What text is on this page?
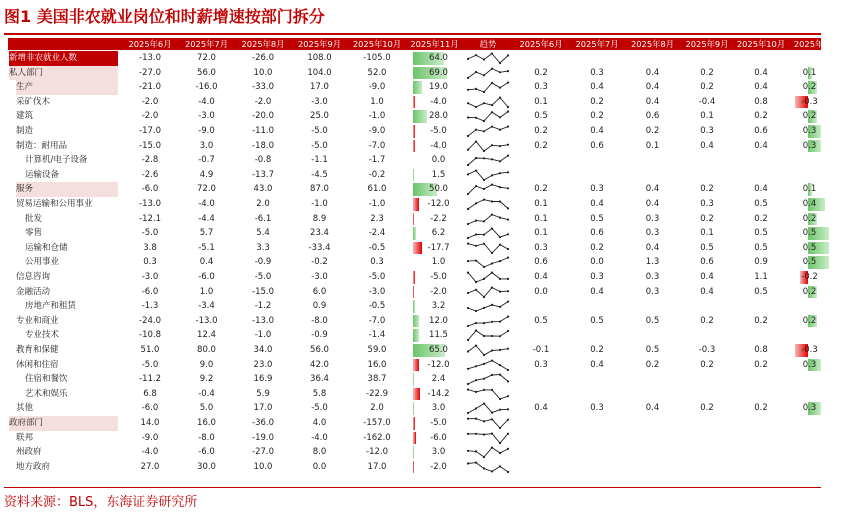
图1 美国非农就业岗位和时薪增速按部门拆分
2025年6月	2025年7月	2025年8月	2025年9月	2025年10月	2025年11月	趋势	2025年6月	2025年7月	2025年8月	2025年9月	2025年10月	2025年11月
新增非农就业人数	-13.0	72.0	-26.0	108.0	-105.0	64.0
私人部门	-27.0	56.0	10.0	104.0	52.0	69.0	0.2	0.3	0.4	0.2	0.4	0.1
生产	-21.0	-16.0	-33.0	17.0	-9.0	19.0	0.3	0.4	0.4	0.2	0.4	0.2
采矿伐木	-2.0	-4.0	-2.0	-3.0	1.0	-4.0	0.1	0.2	0.4	-0.4	0.8	-0.3
建筑	-2.0	-3.0	-20.0	25.0	-1.0	28.0	0.5	0.2	0.6	0.1	0.2	0.2
制造	-17.0	-9.0	-11.0	-5.0	-9.0	-5.0	0.2	0.4	0.2	0.3	0.6	0.3
制造：耐用品	-15.0	3.0	-18.0	-5.0	-7.0	-4.0	0.2	0.6	0.1	0.4	0.4	0.3
计算机/电子设备	-2.8	-0.7	-0.8	-1.1	-1.7	0.0
运输设备	-2.6	4.9	-13.7	-4.5	-0.2	1.5
服务	-6.0	72.0	43.0	87.0	61.0	50.0	0.2	0.3	0.4	0.2	0.4	0.1
贸易运输和公用事业	-13.0	-4.0	2.0	-1.0	-1.0	-12.0	0.1	0.4	0.4	0.3	0.5	0.4
批发	-12.1	-4.4	-6.1	8.9	2.3	-2.2	0.1	0.5	0.3	0.2	0.2	0.2
零售	-5.0	5.7	5.4	23.4	-2.4	6.2	0.1	0.6	0.3	0.1	0.5	0.5
运输和仓储	3.8	-5.1	3.3	-33.4	-0.5	-17.7	0.3	0.2	0.4	0.5	0.5	0.5
公用事业	0.3	0.4	-0.9	-0.2	0.3	1.0	0.6	0.0	1.3	0.6	0.9	0.5
信息咨询	-3.0	-6.0	-5.0	-3.0	-5.0	-5.0	0.4	0.3	0.3	0.4	1.1	-0.2
金融活动	-6.0	1.0	-15.0	6.0	-3.0	-2.0	0.0	0.4	0.3	0.4	0.5	0.2
房地产和租赁	-1.3	-3.4	-1.2	0.9	-0.5	3.2
专业和商业	-24.0	-13.0	-13.0	-8.0	-7.0	12.0	0.5	0.5	0.5	0.2	0.2	0.2
专业技术	-10.8	12.4	-1.0	-0.9	-1.4	11.5
教育和保健	51.0	80.0	34.0	56.0	59.0	65.0	-0.1	0.2	0.5	-0.3	0.8	-0.3
休闲和住宿	-5.0	9.0	23.0	42.0	16.0	-12.0	0.3	0.4	0.2	0.2	0.2	0.3
住宿和餐饮	-11.2	9.2	16.9	36.4	38.7	2.4
艺术和娱乐	6.8	-0.4	5.9	5.8	-22.9	-14.2
其他	-6.0	5.0	17.0	-5.0	2.0	3.0	0.4	0.3	0.4	0.2	0.2	0.3
政府部门	14.0	16.0	-36.0	4.0	-157.0	-5.0
联邦	-9.0	-8.0	-19.0	-4.0	-162.0	-6.0
州政府	-4.0	-6.0	-27.0	8.0	-12.0	3.0
地方政府	27.0	30.0	10.0	0.0	17.0	-2.0
资料来源：BLS，东海证券研究所
